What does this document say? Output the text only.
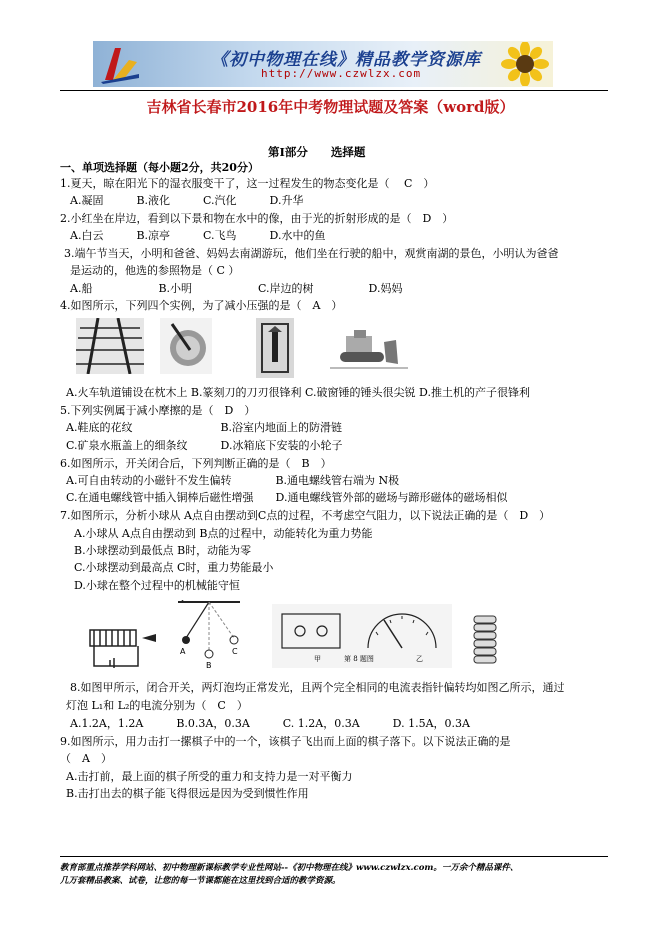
《初中物理在线》精品教学资源库
http://www.czwlzx.com
吉林省长春市2016年中考物理试题及答案（word版）
第Ⅰ部分　　选择题
一、单项选择题（每小题2分，共20分）
1.夏天，晾在阳光下的湿衣服变干了，这一过程发生的物态变化是（　 C　）
A.凝固　　　B.液化　　　C.汽化　　　D.升华
2.小红坐在岸边，看到以下景和物在水中的像，由于光的折射形成的是（　D　）
A.白云　　　B.凉亭　　　C.飞鸟　　　D.水中的鱼
3.端午节当天，小明和爸爸、妈妈去南湖游玩，他们坐在行驶的船中，观赏南湖的景色，小明认为爸爸
是运动的，他选的参照物是（ C ）
A.船　　　　　　B.小明　　　　　　C.岸边的树　　　　　D.妈妈
4.如图所示，下列四个实例，为了减小压强的是（　A　）
A.火车轨道铺设在枕木上 B.篆刻刀的刀刃很锋利 C.破窗锤的锤头很尖锐 D.推土机的产子很锋利
5.下列实例属于减小摩擦的是（　D　）
A.鞋底的花纹　　　　　　　　B.浴室内地面上的防滑链
C.矿泉水瓶盖上的细条纹　　　D.冰箱底下安装的小轮子
6.如图所示，开关闭合后，下列判断正确的是（　B　）
A.可自由转动的小磁针不发生偏转　　　　B.通电螺线管右端为 N极
C.在通电螺线管中插入铜棒后磁性增强　　D.通电螺线管外部的磁场与蹄形磁体的磁场相似
7.如图所示，分析小球从 A点自由摆动到C点的过程，不考虑空气阻力，以下说法正确的是（　D　）
A.小球从 A点自由摆动到 B点的过程中，动能转化为重力势能
B.小球摆动到最低点 B时，动能为零
C.小球摆动到最高点 C时，重力势能最小
D.小球在整个过程中的机械能守恒
A
B
C
甲	第 8 题图	乙
8.如图甲所示，闭合开关，两灯泡均正常发光，且两个完全相同的电流表指针偏转均如图乙所示，通过
灯泡 L₁和 L₂的电流分别为（　C　）
A.1.2A，1.2A　　　B.0.3A，0.3A　　　C. 1.2A，0.3A　　　D. 1.5A，0.3A
9.如图所示，用力击打一摞棋子中的一个，该棋子飞出而上面的棋子落下。以下说法正确的是
（　A　）
A.击打前，最上面的棋子所受的重力和支持力是一对平衡力
B.击打出去的棋子能飞得很远是因为受到惯性作用
教育部重点推荐学科网站、初中物理新课标教学专业性网站--《初中物理在线》www.czwlzx.com。一万余个精品课件、
几万套精品教案、试卷，让您的每一节课都能在这里找到合适的教学资源。
